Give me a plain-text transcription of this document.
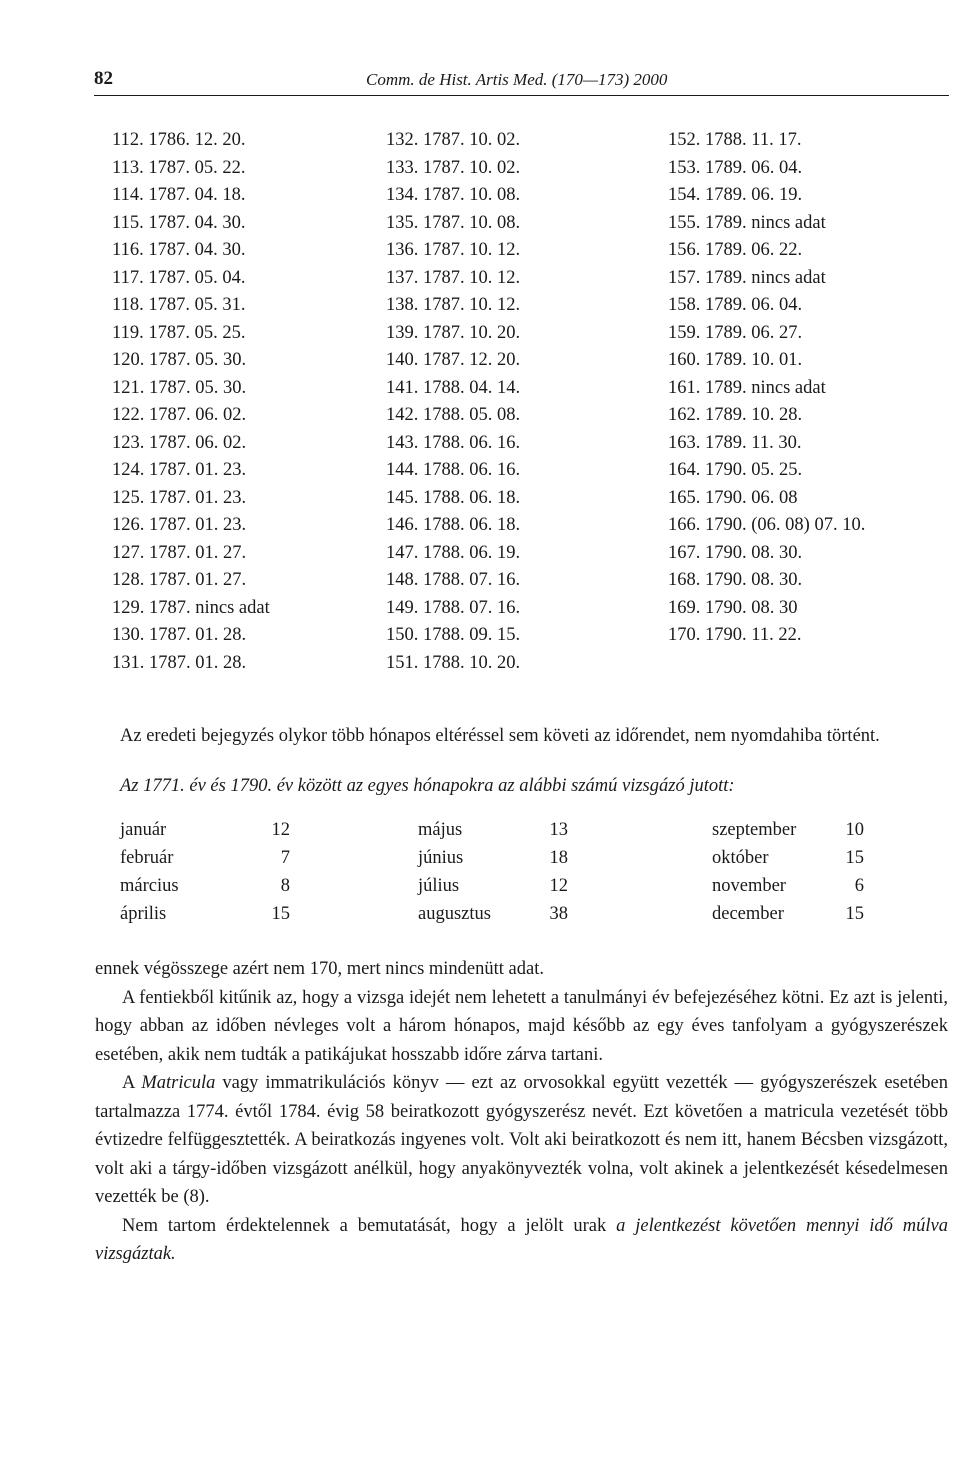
82	Comm. de Hist. Artis Med. (170—173) 2000
112. 1786. 12. 20.
113. 1787. 05. 22.
114. 1787. 04. 18.
115. 1787. 04. 30.
116. 1787. 04. 30.
117. 1787. 05. 04.
118. 1787. 05. 31.
119. 1787. 05. 25.
120. 1787. 05. 30.
121. 1787. 05. 30.
122. 1787. 06. 02.
123. 1787. 06. 02.
124. 1787. 01. 23.
125. 1787. 01. 23.
126. 1787. 01. 23.
127. 1787. 01. 27.
128. 1787. 01. 27.
129. 1787. nincs adat
130. 1787. 01. 28.
131. 1787. 01. 28.
132. 1787. 10. 02.
133. 1787. 10. 02.
134. 1787. 10. 08.
135. 1787. 10. 08.
136. 1787. 10. 12.
137. 1787. 10. 12.
138. 1787. 10. 12.
139. 1787. 10. 20.
140. 1787. 12. 20.
141. 1788. 04. 14.
142. 1788. 05. 08.
143. 1788. 06. 16.
144. 1788. 06. 16.
145. 1788. 06. 18.
146. 1788. 06. 18.
147. 1788. 06. 19.
148. 1788. 07. 16.
149. 1788. 07. 16.
150. 1788. 09. 15.
151. 1788. 10. 20.
152. 1788. 11. 17.
153. 1789. 06. 04.
154. 1789. 06. 19.
155. 1789. nincs adat
156. 1789. 06. 22.
157. 1789. nincs adat
158. 1789. 06. 04.
159. 1789. 06. 27.
160. 1789. 10. 01.
161. 1789. nincs adat
162. 1789. 10. 28.
163. 1789. 11. 30.
164. 1790. 05. 25.
165. 1790. 06. 08
166. 1790. (06. 08) 07. 10.
167. 1790. 08. 30.
168. 1790. 08. 30.
169. 1790. 08. 30
170. 1790. 11. 22.

Az eredeti bejegyzés olykor több hónapos eltéréssel sem követi az időrendet, nem nyomdahiba történt.

Az 1771. év és 1790. év között az egyes hónapokra az alábbi számú vizsgázó jutott:
január	12
február	7
március	8
április	15
május	13
június	18
július	12
augusztus	38
szeptember	10
október	15
november	6
december	15

ennek végösszege azért nem 170, mert nincs mindenütt adat.

A fentiekből kitűnik az, hogy a vizsga idejét nem lehetett a tanulmányi év befejezéséhez kötni. Ez azt is jelenti, hogy abban az időben névleges volt a három hónapos, majd később az egy éves tanfolyam a gyógyszerészek esetében, akik nem tudták a patikájukat hosszabb időre zárva tartani.

A Matricula vagy immatrikulációs könyv — ezt az orvosokkal együtt vezették — gyógyszerészek esetében tartalmazza 1774. évtől 1784. évig 58 beiratkozott gyógyszerész nevét. Ezt követően a matricula vezetését több évtizedre felfüggesztették. A beiratkozás ingyenes volt. Volt aki beiratkozott és nem itt, hanem Bécsben vizsgázott, volt aki a tárgy-időben vizsgázott anélkül, hogy anyakönyvezték volna, volt akinek a jelentkezését késedelmesen vezették be (8).

Nem tartom érdektelennek a bemutatását, hogy a jelölt urak a jelentkezést követően mennyi idő múlva vizsgáztak.
